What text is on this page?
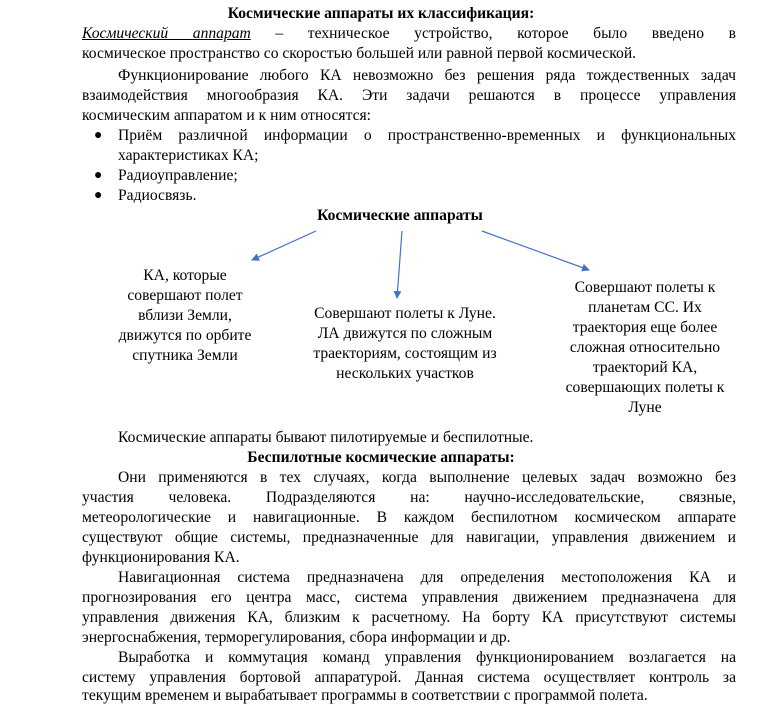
Космические аппараты их классификация:
Космический аппарат – техническое устройство, которое было введено в
космическое пространство со скоростью большей или равной первой космической.
Функционирование любого КА невозможно без решения ряда тождественных задач
взаимодействия многообразия КА. Эти задачи решаются в процессе управления
космическим аппаратом и к ним относятся:
● Приём различной информации о пространственно-временных и функциональных
характеристиках КА;
● Радиоуправление;
● Радиосвязь.
Космические аппараты
КА, которые
совершают полет
вблизи Земли,
движутся по орбите
спутника Земли
Совершают полеты к Луне.
ЛА движутся по сложным
траекториям, состоящим из
нескольких участков
Совершают полеты к
планетам СС. Их
траектория еще более
сложная относительно
траекторий КА,
совершающих полеты к
Луне
Космические аппараты бывают пилотируемые и беспилотные.
Беспилотные космические аппараты:
Они применяются в тех случаях, когда выполнение целевых задач возможно без
участия человека. Подразделяются на: научно-исследовательские, связные,
метеорологические и навигационные. В каждом беспилотном космическом аппарате
существуют общие системы, предназначенные для навигации, управления движением и
функционирования КА.
Навигационная система предназначена для определения местоположения КА и
прогнозирования его центра масс, система управления движением предназначена для
управления движения КА, близким к расчетному. На борту КА присутствуют системы
энергоснабжения, терморегулирования, сбора информации и др.
Выработка и коммутация команд управления функционированием возлагается на
систему управления бортовой аппаратурой. Данная система осуществляет контроль за
текущим временем и вырабатывает программы в соответствии с программой полета.
